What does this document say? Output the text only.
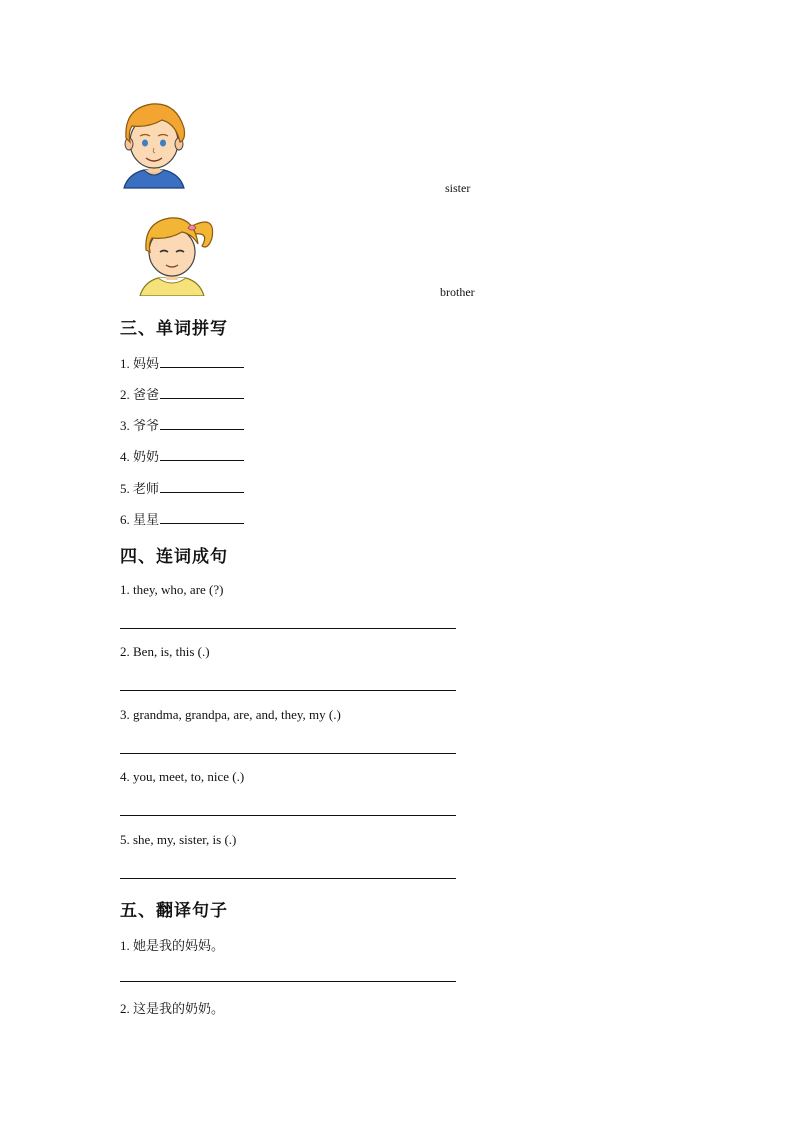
sister
brother
三、单词拼写
1. 妈妈
2. 爸爸
3. 爷爷
4. 奶奶
5. 老师
6. 星星
四、连词成句
1. they, who, are (?)
2. Ben, is, this (.)
3. grandma, grandpa, are, and, they, my (.)
4. you, meet, to, nice (.)
5. she, my, sister, is (.)
五、翻译句子
1. 她是我的妈妈。
2. 这是我的奶奶。
